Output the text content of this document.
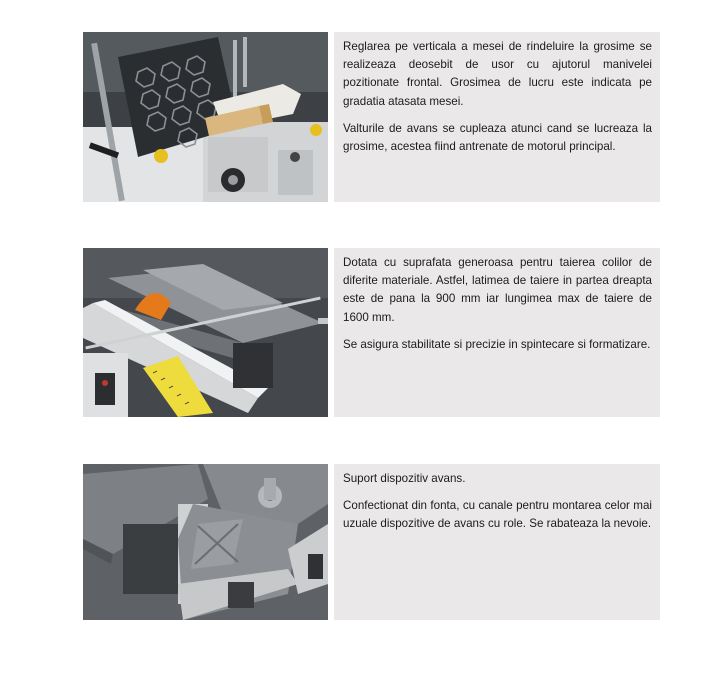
Reglarea pe verticala a mesei de rindeluire la grosime se realizeaza deosebit de usor cu ajutorul manivelei pozitionate frontal. Grosimea de lucru este indicata pe gradatia atasata mesei.

Valturile de avans se cupleaza atunci cand se lucreaza la grosime, acestea fiind antrenate de motorul principal.

Dotata cu suprafata generoasa pentru taierea colilor de diferite materiale. Astfel, latimea de taiere in partea dreapta este de pana la 900 mm iar lungimea max de taiere de 1600 mm.

Se asigura stabilitate si precizie in spintecare si formatizare.

Suport dispozitiv avans.

Confectionat din fonta, cu canale pentru montarea celor mai uzuale dispozitive de avans cu role. Se rabateaza la nevoie.
